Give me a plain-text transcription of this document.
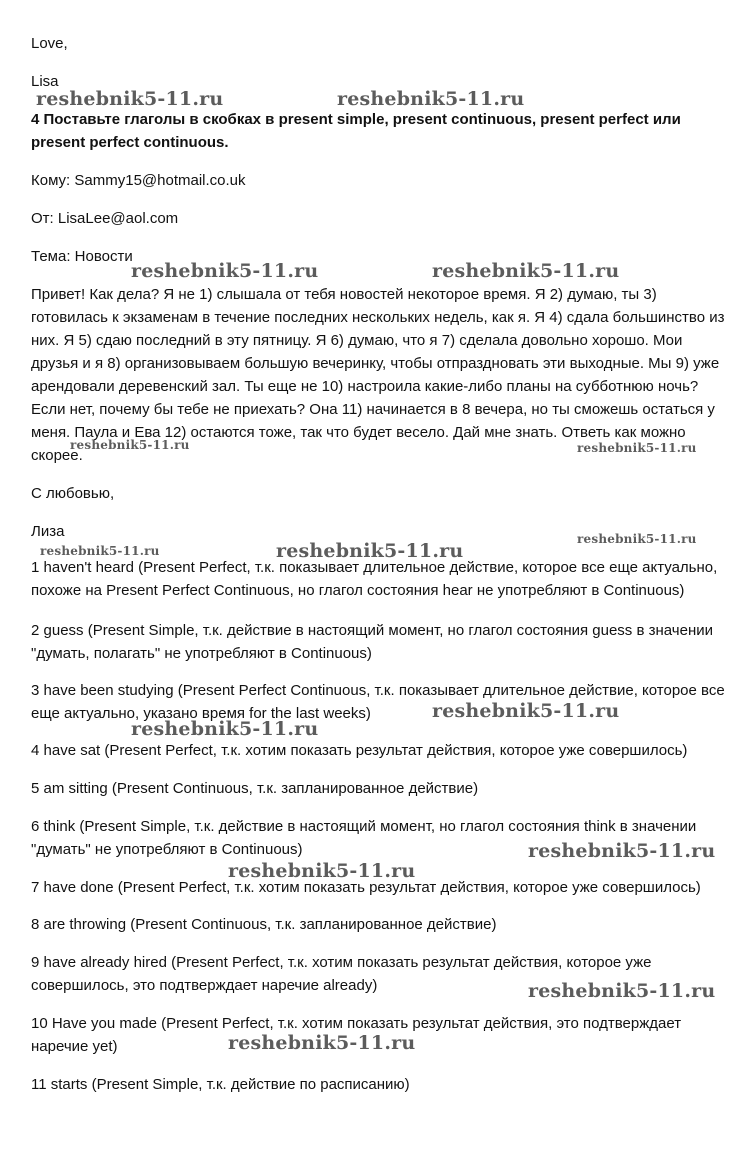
Love,
Lisa
4 Поставьте глаголы в скобках в present simple, present continuous, present perfect или present perfect continuous.
Кому: Sammy15@hotmail.co.uk
От: LisaLee@aol.com
Тема: Новости
Привет! Как дела? Я не 1) слышала от тебя новостей некоторое время. Я 2) думаю, ты 3) готовилась к экзаменам в течение последних нескольких недель, как я. Я 4) сдала большинство из них. Я 5) сдаю последний в эту пятницу. Я 6) думаю, что я 7) сделала довольно хорошо. Мои друзья и я 8) организовываем большую вечеринку, чтобы отпраздновать эти выходные. Мы 9) уже арендовали деревенский зал. Ты еще не 10) настроила какие-либо планы на субботнюю ночь? Если нет, почему бы тебе не приехать? Она 11) начинается в 8 вечера, но ты сможешь остаться у меня. Паула и Ева 12) остаются тоже, так что будет весело. Дай мне знать. Ответь как можно скорее.
С любовью,
Лиза
1 haven't heard (Present Perfect, т.к. показывает длительное действие, которое все еще актуально, похоже на Present Perfect Continuous, но глагол состояния hear не употребляют в Continuous)
2 guess (Present Simple, т.к. действие в настоящий момент, но глагол состояния guess в значении "думать, полагать" не употребляют в Continuous)
3 have been studying (Present Perfect Continuous, т.к. показывает длительное действие, которое все еще актуально, указано время for the last weeks)
4 have sat (Present Perfect, т.к. хотим показать результат действия, которое уже совершилось)
5 am sitting (Present Continuous, т.к. запланированное действие)
6 think (Present Simple, т.к. действие в настоящий момент, но глагол состояния think в значении "думать" не употребляют в Continuous)
7 have done (Present Perfect, т.к. хотим показать результат действия, которое уже совершилось)
8 are throwing (Present Continuous, т.к. запланированное действие)
9 have already hired (Present Perfect, т.к. хотим показать результат действия, которое уже совершилось, это подтверждает наречие already)
10 Have you made (Present Perfect, т.к. хотим показать результат действия, это подтверждает наречие yet)
11 starts (Present Simple, т.к. действие по расписанию)
reshebnik5-11.ru	reshebnik5-11.ru
reshebnik5-11.ru	reshebnik5-11.ru
reshebnik5-11.ru	reshebnik5-11.ru
reshebnik5-11.ru
reshebnik5-11.ru	reshebnik5-11.ru
reshebnik5-11.ru
reshebnik5-11.ru
reshebnik5-11.ru
reshebnik5-11.ru
reshebnik5-11.ru
reshebnik5-11.ru
